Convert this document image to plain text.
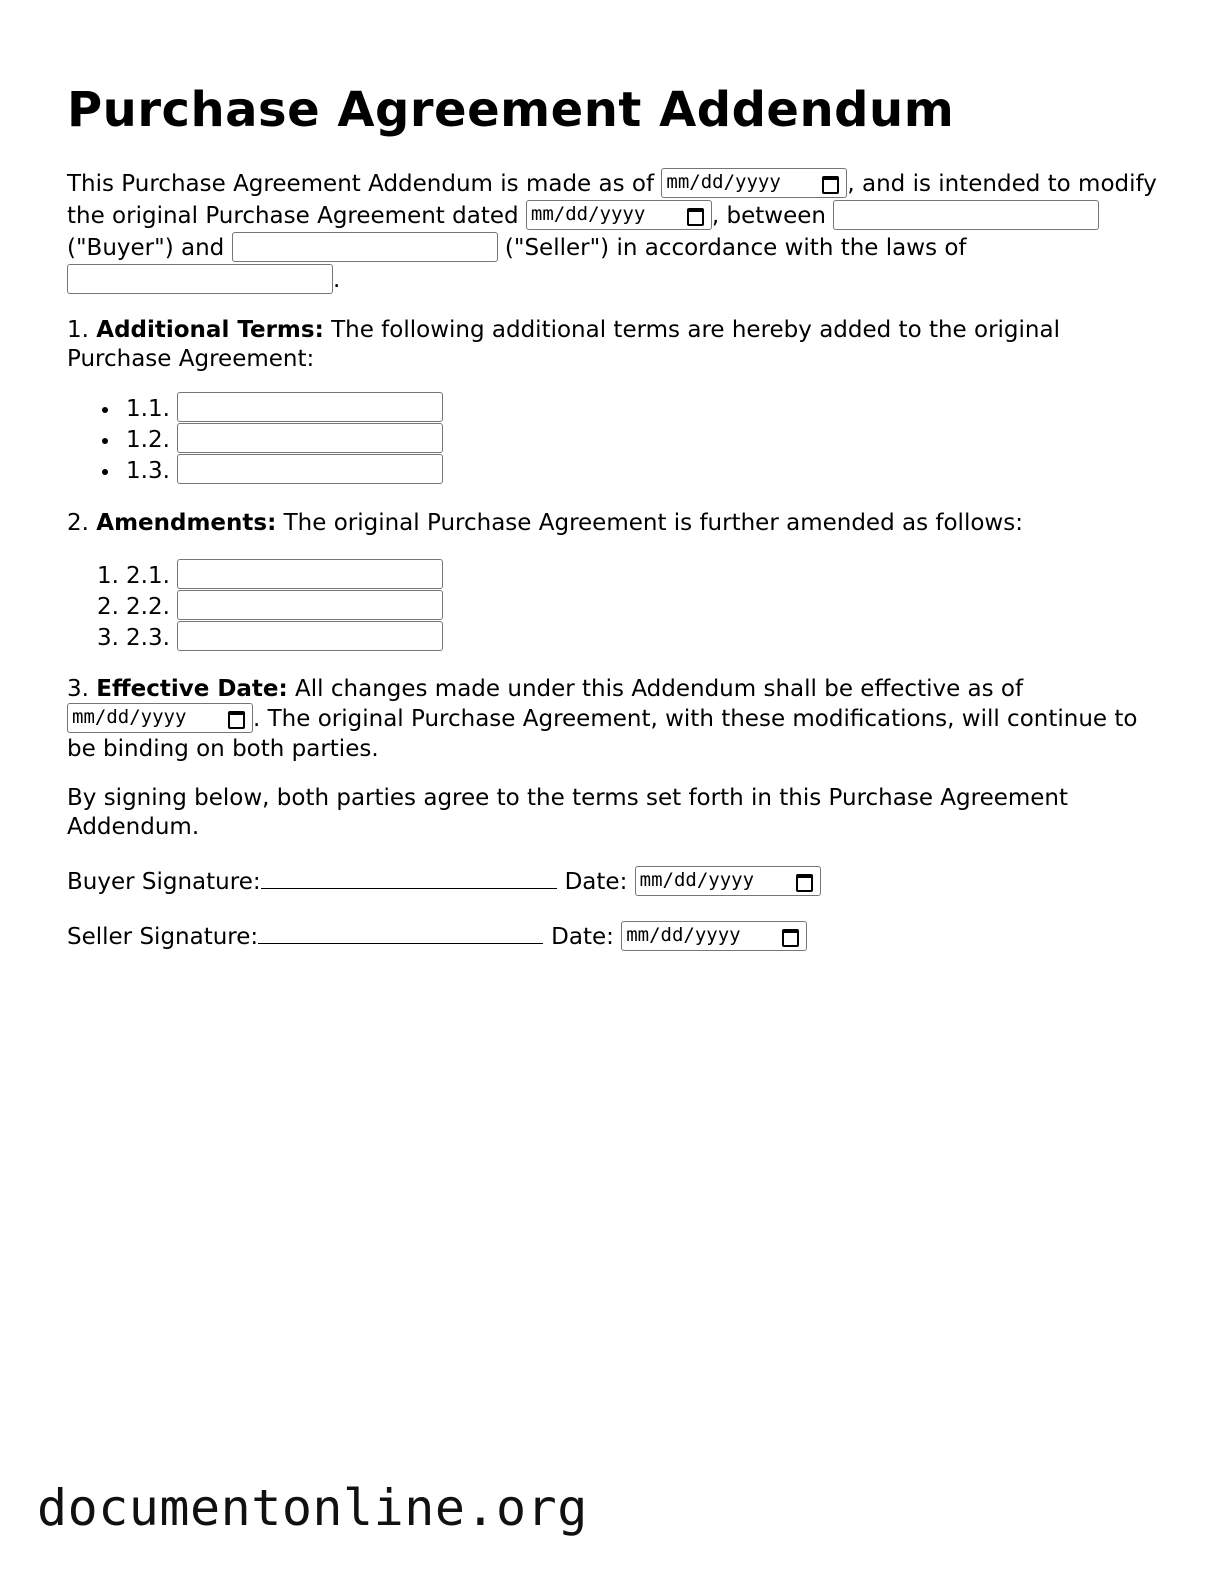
Purchase Agreement Addendum

This Purchase Agreement Addendum is made as of mm/dd/yyyy	, and is intended to modify the original Purchase Agreement dated mm/dd/yyyy	, between  ("Buyer") and	("Seller") in accordance with the laws of .

1. Additional Terms: The following additional terms are hereby added to the original Purchase Agreement:

1.1.
1.2.
1.3.

2. Amendments: The original Purchase Agreement is further amended as follows:

1. 2.1.
2. 2.2.
3. 2.3.

3. Effective Date: All changes made under this Addendum shall be effective as of mm/dd/yyyy	. The original Purchase Agreement, with these modifications, will continue to be binding on both parties.

By signing below, both parties agree to the terms set forth in this Purchase Agreement Addendum.

Buyer Signature:	Date: mm/dd/yyyy
Seller Signature:	Date: mm/dd/yyyy
documentonline.org
